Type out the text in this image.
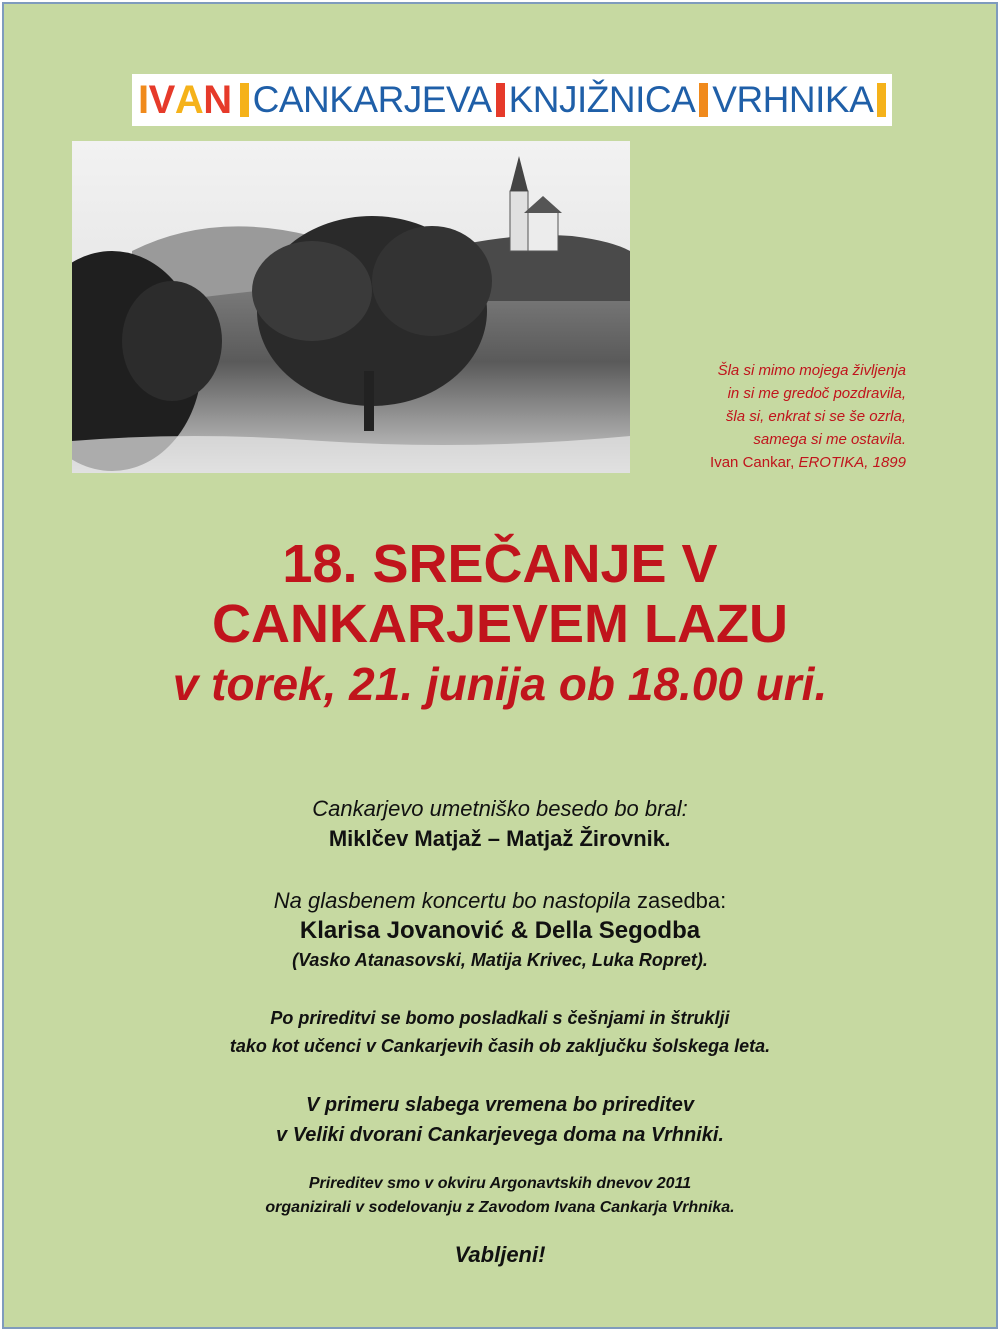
I V A N CANKARJEVA KNJIŽNICA VRHNIKA
Šla si mimo mojega življenja
in si me gredoč pozdravila,
šla si, enkrat si se še ozrla,
samega si me ostavila.
Ivan Cankar, EROTIKA, 1899
18. SREČANJE V
CANKARJEVEM LAZU
v torek, 21. junija ob 18.00 uri.
Cankarjevo umetniško besedo bo bral:
Miklčev Matjaž – Matjaž Žirovnik.
Na glasbenem koncertu bo nastopila zasedba:
Klarisa Jovanović & Della Segodba
(Vasko Atanasovski, Matija Krivec, Luka Ropret).
Po prireditvi se bomo posladkali s češnjami in štruklji
tako kot učenci v Cankarjevih časih ob zaključku šolskega leta.
V primeru slabega vremena bo prireditev
v Veliki dvorani Cankarjevega doma na Vrhniki.
Prireditev smo v okviru Argonavtskih dnevov 2011
organizirali v sodelovanju z Zavodom Ivana Cankarja Vrhnika.
Vabljeni!
